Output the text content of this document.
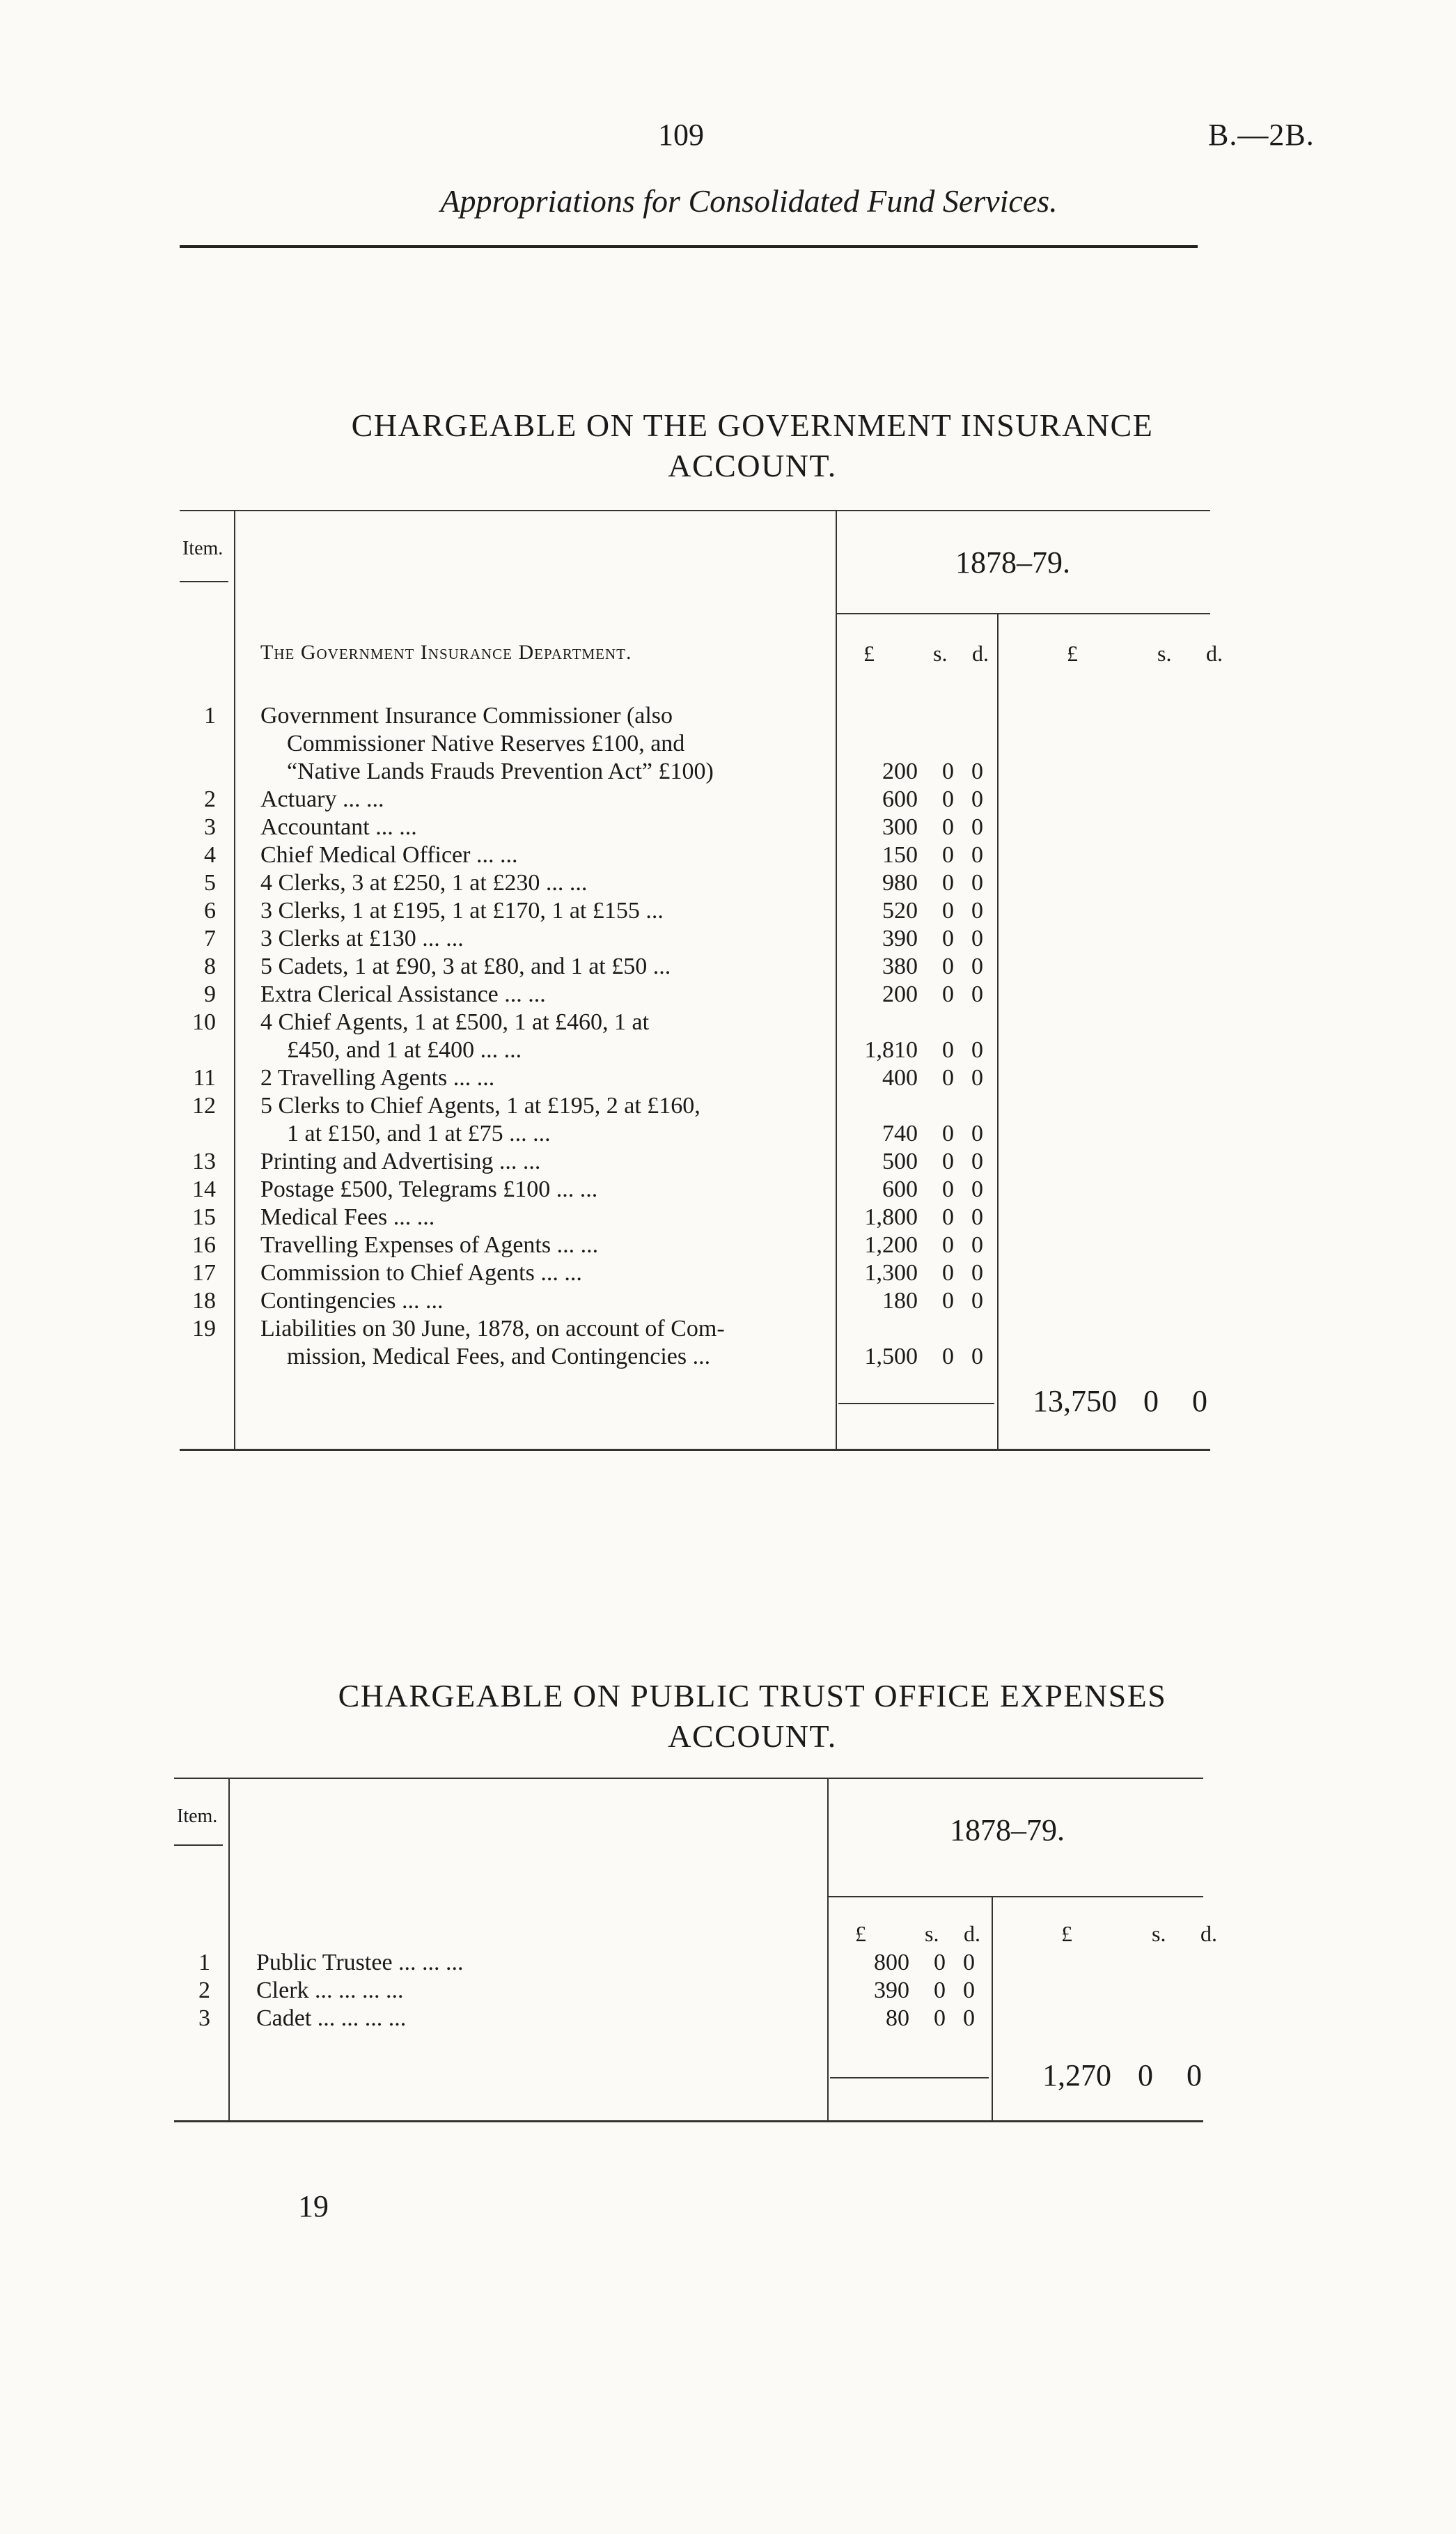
109	B.—2B.
Appropriations for Consolidated Fund Services.
CHARGEABLE ON THE GOVERNMENT INSURANCE
ACCOUNT.
Item.	1878–79.
£	s. d.	£	s. d.
The Government Insurance Department.
1 Government Insurance Commissioner (also
Commissioner Native Reserves £100, and
“Native Lands Frauds Prevention Act” £100)	200	0 0
2 Actuary ... ...	600	0 0
3 Accountant ... ...	300	0 0
4 Chief Medical Officer ... ...	150	0 0
5 4 Clerks, 3 at £250, 1 at £230 ... ...	980	0 0
6 3 Clerks, 1 at £195, 1 at £170, 1 at £155 ...	520	0 0
7 3 Clerks at £130 ... ...	390	0 0
8 5 Cadets, 1 at £90, 3 at £80, and 1 at £50 ...	380	0 0
9 Extra Clerical Assistance ... ...	200	0 0
10 4 Chief Agents, 1 at £500, 1 at £460, 1 at
£450, and 1 at £400 ... ...	1,810	0 0
11 2 Travelling Agents ... ...	400	0 0
12 5 Clerks to Chief Agents, 1 at £195, 2 at £160,
1 at £150, and 1 at £75 ... ...	740	0 0
13 Printing and Advertising ... ...	500	0 0
14 Postage £500, Telegrams £100 ... ...	600	0 0
15 Medical Fees ... ...	1,800	0 0
16 Travelling Expenses of Agents ... ...	1,200	0 0
17 Commission to Chief Agents ... ...	1,300	0 0
18 Contingencies ... ...	180	0 0
19 Liabilities on 30 June, 1878, on account of Com-
mission, Medical Fees, and Contingencies ...	1,500	0 0
13,750 0 0
CHARGEABLE ON PUBLIC TRUST OFFICE EXPENSES
ACCOUNT.
Item.	1878–79.
£	s. d.	£	s. d.
1 Public Trustee ... ... ...	800	0 0
2 Clerk ... ... ... ...	390	0 0
3 Cadet ... ... ... ...	80	0 0
1,270 0 0
19
